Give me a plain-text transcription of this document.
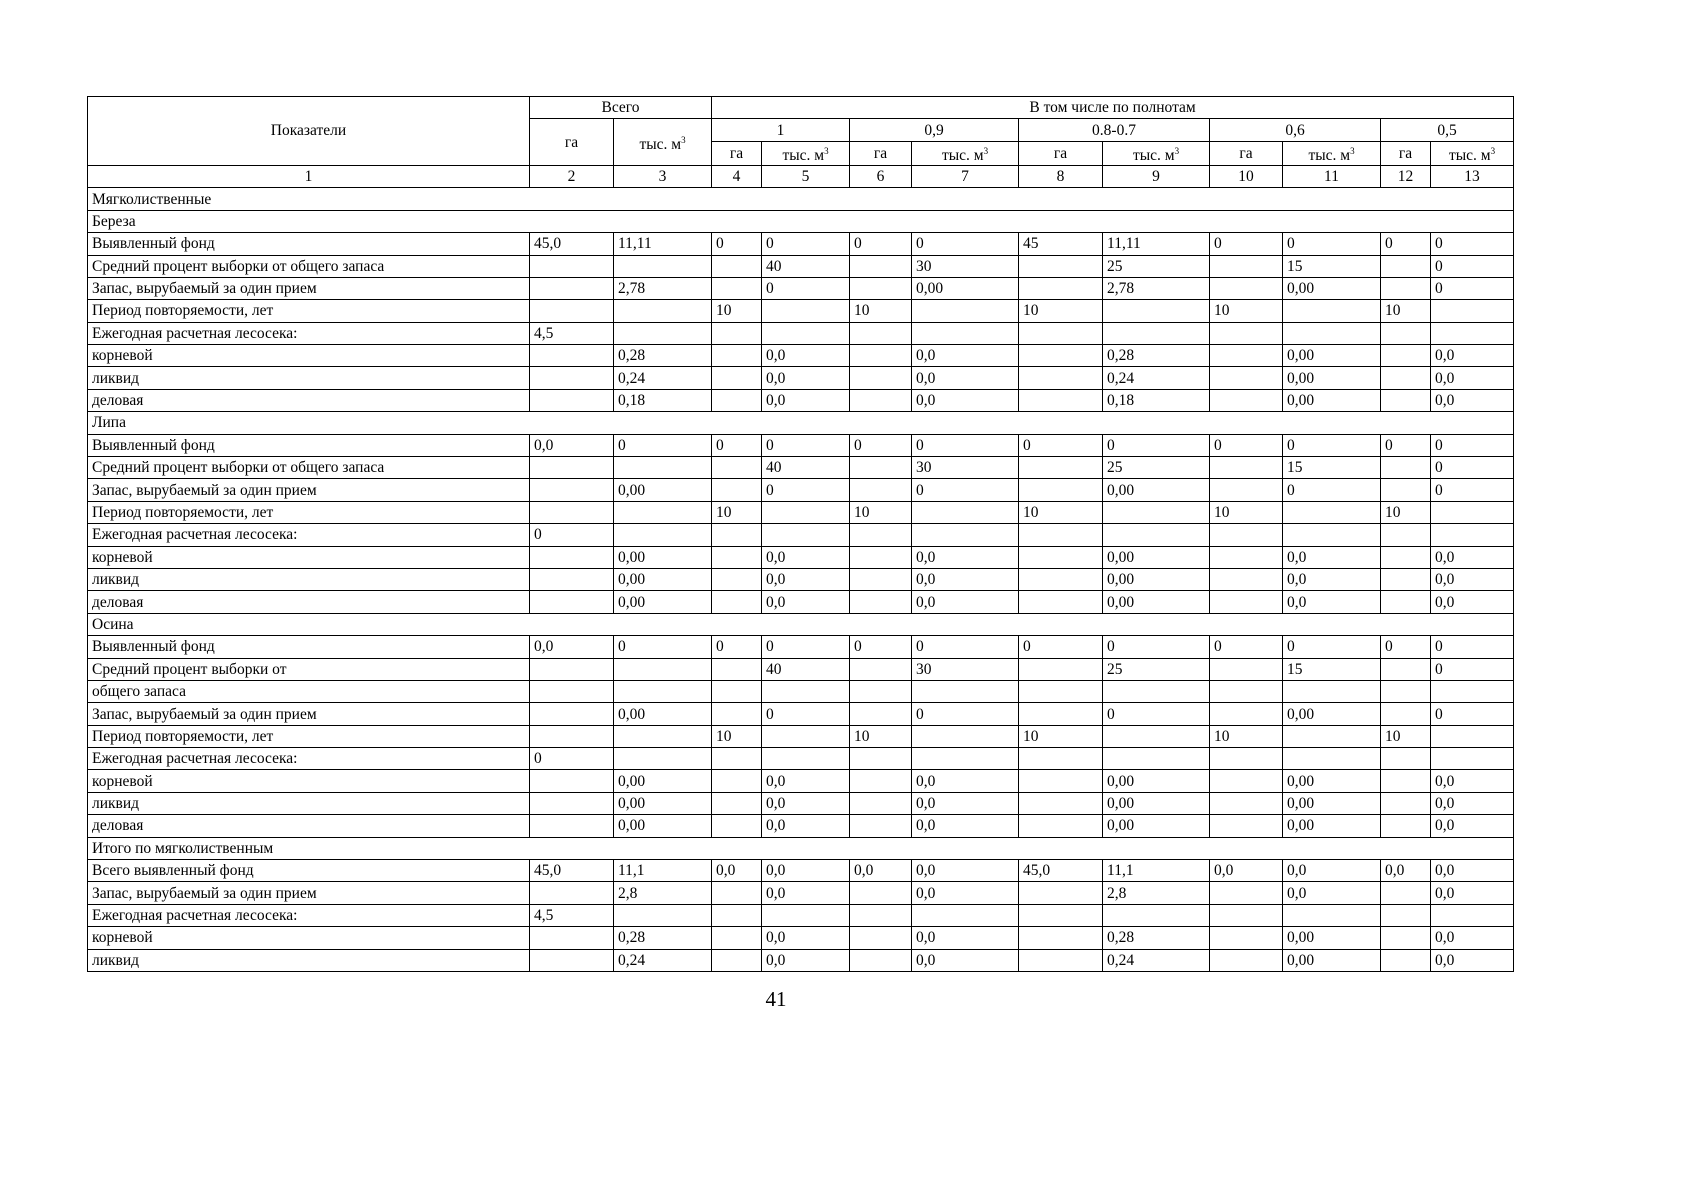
Показатели	Всего		В том числе по полнотам									
	га	тыс. $м^3$	1		0,9		0.8-0.7		0,6		0,5	
			га	тыс. $м^3$	га	тыс. $м^3$	га	тыс. $м^3$	га	тыс. $м^3$	га	тыс. $м^3$
1	2	3	4	5	6	7	8	9	10	11	12	13
Мягколиственные												
Береза												
Выявленный фонд	45,0	11,11	0	0	0	0	45	11,11	0	0	0	0
Средний процент выборки от общего запаса				40		30		25		15		0
Запас, вырубаемый за один прием		2,78		0		0,00		2,78		0,00		0
Период повторяемости, лет			10		10		10		10		10	
Ежегодная расчетная лесосека:	4,5											
корневой		0,28		0,0		0,0		0,28		0,00		0,0
ликвид		0,24		0,0		0,0		0,24		0,00		0,0
деловая		0,18		0,0		0,0		0,18		0,00		0,0
Липа												
Выявленный фонд	0,0	0	0	0	0	0	0	0	0	0	0	0
Средний процент выборки от общего запаса				40		30		25		15		0
Запас, вырубаемый за один прием		0,00		0		0		0,00		0		0
Период повторяемости, лет			10		10		10		10		10	
Ежегодная расчетная лесосека:	0											
корневой		0,00		0,0		0,0		0,00		0,0		0,0
ликвид		0,00		0,0		0,0		0,00		0,0		0,0
деловая		0,00		0,0		0,0		0,00		0,0		0,0
Осина												
Выявленный фонд	0,0	0	0	0	0	0	0	0	0	0	0	0
Средний процент выборки от				40		30		25		15		0
общего запаса												
Запас, вырубаемый за один прием		0,00		0		0		0		0,00		0
Период повторяемости, лет			10		10		10		10		10	
Ежегодная расчетная лесосека:	0											
корневой		0,00		0,0		0,0		0,00		0,00		0,0
ликвид		0,00		0,0		0,0		0,00		0,00		0,0
деловая		0,00		0,0		0,0		0,00		0,00		0,0
Итого по мягколиственным												
Всего выявленный фонд	45,0	11,1	0,0	0,0	0,0	0,0	45,0	11,1	0,0	0,0	0,0	0,0
Запас, вырубаемый за один прием		2,8		0,0		0,0		2,8		0,0		0,0
Ежегодная расчетная лесосека:	4,5											
корневой		0,28		0,0		0,0		0,28		0,00		0,0
ликвид		0,24		0,0		0,0		0,24		0,00		0,0
41
